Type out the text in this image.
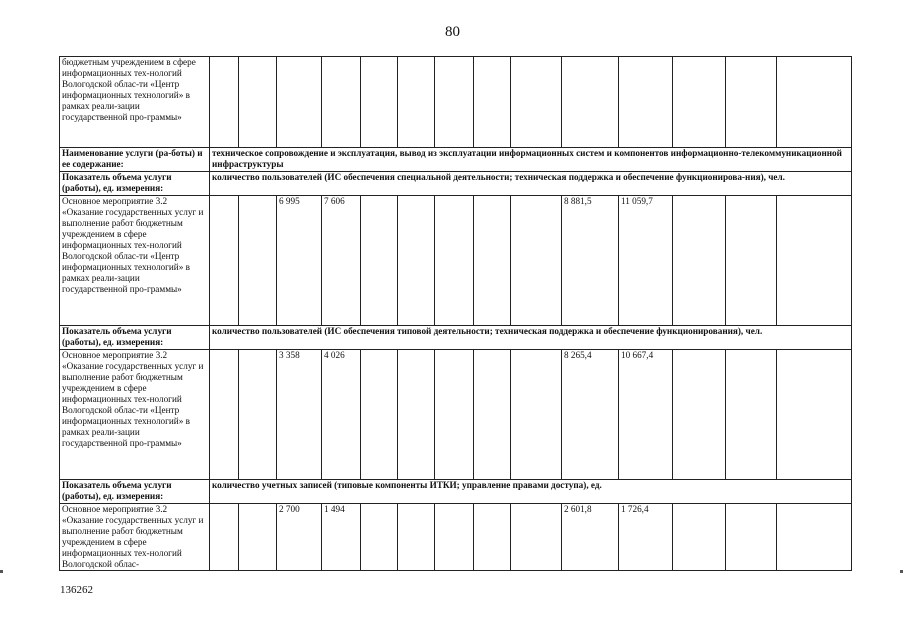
80
бюджетным учреждением в сфере информационных тех-нологий Вологодской облас-ти «Центр информационных технологий» в рамках реали-зации государственной про-граммы»														
Наименование услуги (ра-боты) и ее содержание:	техническое сопровождение и эксплуатация, вывод из эксплуатации информационных систем и компонентов информационно-телекоммуникационной инфраструктуры													
Показатель объема услуги (работы), ед. измерения:	количество пользователей (ИС обеспечения специальной деятельности; техническая поддержка и обеспечение функционирова-ния), чел.													
Основное мероприятие 3.2 «Оказание государственных услуг и выполнение работ бюджетным учреждением в сфере информационных тех-нологий Вологодской облас-ти «Центр информационных технологий» в рамках реали-зации государственной про-граммы»			6 995	7 606						8 881,5	11 059,7			
Показатель объема услуги (работы), ед. измерения:	количество пользователей (ИС обеспечения типовой деятельности; техническая поддержка и обеспечение функционирования), чел.													
Основное мероприятие 3.2 «Оказание государственных услуг и выполнение работ бюджетным учреждением в сфере информационных тех-нологий Вологодской облас-ти «Центр информационных технологий» в рамках реали-зации государственной про-граммы»			3 358	4 026						8 265,4	10 667,4			
Показатель объема услуги (работы), ед. измерения:	количество учетных записей (типовые компоненты ИТКИ; управление правами доступа), ед.													
Основное мероприятие 3.2 «Оказание государственных услуг и выполнение работ бюджетным учреждением в сфере информационных тех-нологий Вологодской облас-			2 700	1 494						2 601,8	1 726,4			
136262
